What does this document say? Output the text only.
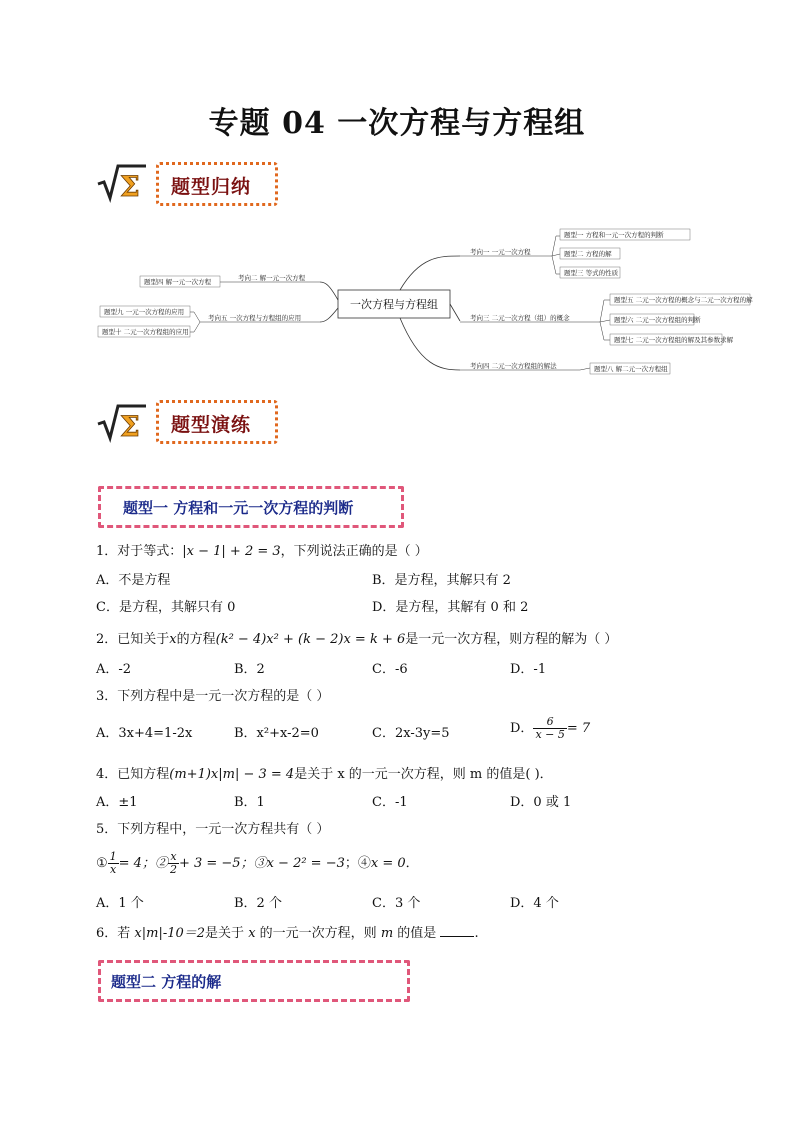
专题 04 一次方程与方程组
Σ 题型归纳
一次方程与方程组
考向一 一元一次方程
题型一 方程和一元一次方程的判断
题型二 方程的解
题型三 等式的性质
考向三 二元一次方程（组）的概念
题型五 二元一次方程的概念与二元一次方程的解
题型六 二元一次方程组的判断
题型七 二元一次方程组的解及其参数求解
考向四 二元一次方程组的解法	题型八 解二元一次方程组
考向二 解一元一次方程
题型四 解一元一次方程
考向五 一次方程与方程组的应用
题型九 一元一次方程的应用
题型十 二元一次方程组的应用
Σ 题型演练
题型一 方程和一元一次方程的判断
1．对于等式：|x − 1| + 2 = 3，下列说法正确的是（ ）
A．不是方程	B．是方程，其解只有 2
C．是方程，其解只有 0	D．是方程，其解有 0 和 2
2．已知关于x的方程(k² − 4)x² + (k − 2)x = k + 6是一元一次方程，则方程的解为（ ）
A．-2	B．2	C．-6	D．-1
3．下列方程中是一元一次方程的是（ ）
A．3x+4=1-2x	B．x²+x-2=0	C．2x-3y=5	D． $\frac{6}{x - 5} = 7$
4．已知方程(m+1)x|m| − 3 = 4是关于 x 的一元一次方程，则 m 的值是( )．
A．±1	B．1	C．-1	D．0 或 1
5．下列方程中，一元一次方程共有（ ）
① $\frac{1}{x} = 4$；② $\frac{x}{2} + 3 = -5$；③x − 2² = −3；④x = 0．
A．1 个	B．2 个	C．3 个	D．4 个
6．若 x|m|-10＝2是关于 x 的一元一次方程，则 m 的值是	.
题型二 方程的解
